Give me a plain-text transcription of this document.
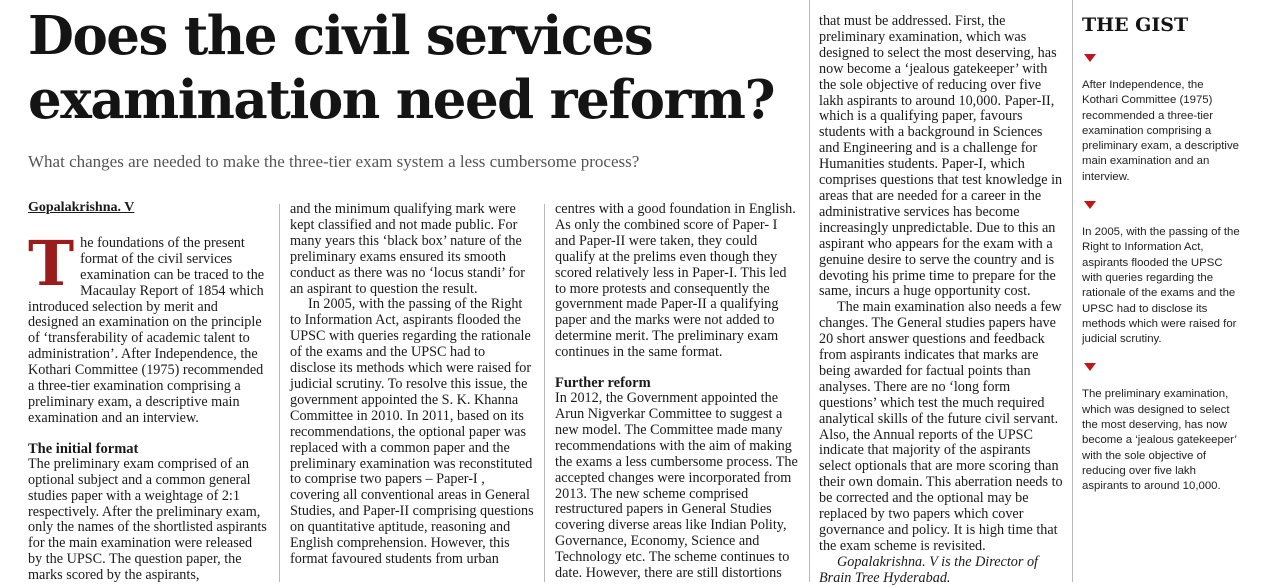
Does the civil services examination need reform?

What changes are needed to make the three-tier exam system a less cumbersome process?

Gopalakrishna. V

The foundations of the present format of the civil services examination can be traced to the Macaulay Report of 1854 which introduced selection by merit and designed an examination on the principle of ‘transferability of academic talent to administration’. After Independence, the Kothari Committee (1975) recommended a three-tier examination comprising a preliminary exam, a descriptive main examination and an interview.

The initial format

The preliminary exam comprised of an optional subject and a common general studies paper with a weightage of 2:1 respectively. After the preliminary exam, only the names of the shortlisted aspirants for the main examination were released by the UPSC. The question paper, the marks scored by the aspirants,

and the minimum qualifying mark were kept classified and not made public. For many years this ‘black box’ nature of the preliminary exams ensured its smooth conduct as there was no ‘locus standi’ for an aspirant to question the result.

In 2005, with the passing of the Right to Information Act, aspirants flooded the UPSC with queries regarding the rationale of the exams and the UPSC had to disclose its methods which were raised for judicial scrutiny. To resolve this issue, the government appointed the S. K. Khanna Committee in 2010. In 2011, based on its recommendations, the optional paper was replaced with a common paper and the preliminary examination was reconstituted to comprise two papers – Paper-I , covering all conventional areas in General Studies, and Paper-II comprising questions on quantitative aptitude, reasoning and English comprehension. However, this format favoured students from urban

centres with a good foundation in English. As only the combined score of Paper- I and Paper-II were taken, they could qualify at the prelims even though they scored relatively less in Paper-I. This led to more protests and consequently the government made Paper-II a qualifying paper and the marks were not added to determine merit. The preliminary exam continues in the same format.

Further reform

In 2012, the Government appointed the Arun Nigverkar Committee to suggest a new model. The Committee made many recommendations with the aim of making the exams a less cumbersome process. The accepted changes were incorporated from 2013. The new scheme comprised restructured papers in General Studies covering diverse areas like Indian Polity, Governance, Economy, Science and Technology etc. The scheme continues to date. However, there are still distortions

that must be addressed. First, the preliminary examination, which was designed to select the most deserving, has now become a ‘jealous gatekeeper’ with the sole objective of reducing over five lakh aspirants to around 10,000. Paper-II, which is a qualifying paper, favours students with a background in Sciences and Engineering and is a challenge for Humanities students. Paper-I, which comprises questions that test knowledge in areas that are needed for a career in the administrative services has become increasingly unpredictable. Due to this an aspirant who appears for the exam with a genuine desire to serve the country and is devoting his prime time to prepare for the same, incurs a huge opportunity cost.

The main examination also needs a few changes. The General studies papers have 20 short answer questions and feedback from aspirants indicates that marks are being awarded for factual points than analyses. There are no ‘long form questions’ which test the much required analytical skills of the future civil servant. Also, the Annual reports of the UPSC indicate that majority of the aspirants select optionals that are more scoring than their own domain. This aberration needs to be corrected and the optional may be replaced by two papers which cover governance and policy. It is high time that the exam scheme is revisited.

Gopalakrishna. V is the Director of Brain Tree Hyderabad.

THE GIST

After Independence, the Kothari Committee (1975) recommended a three-tier examination comprising a preliminary exam, a descriptive main examination and an interview.

In 2005, with the passing of the Right to Information Act, aspirants flooded the UPSC with queries regarding the rationale of the exams and the UPSC had to disclose its methods which were raised for judicial scrutiny.

The preliminary examination, which was designed to select the most deserving, has now become a ‘jealous gatekeeper’ with the sole objective of reducing over five lakh aspirants to around 10,000.
